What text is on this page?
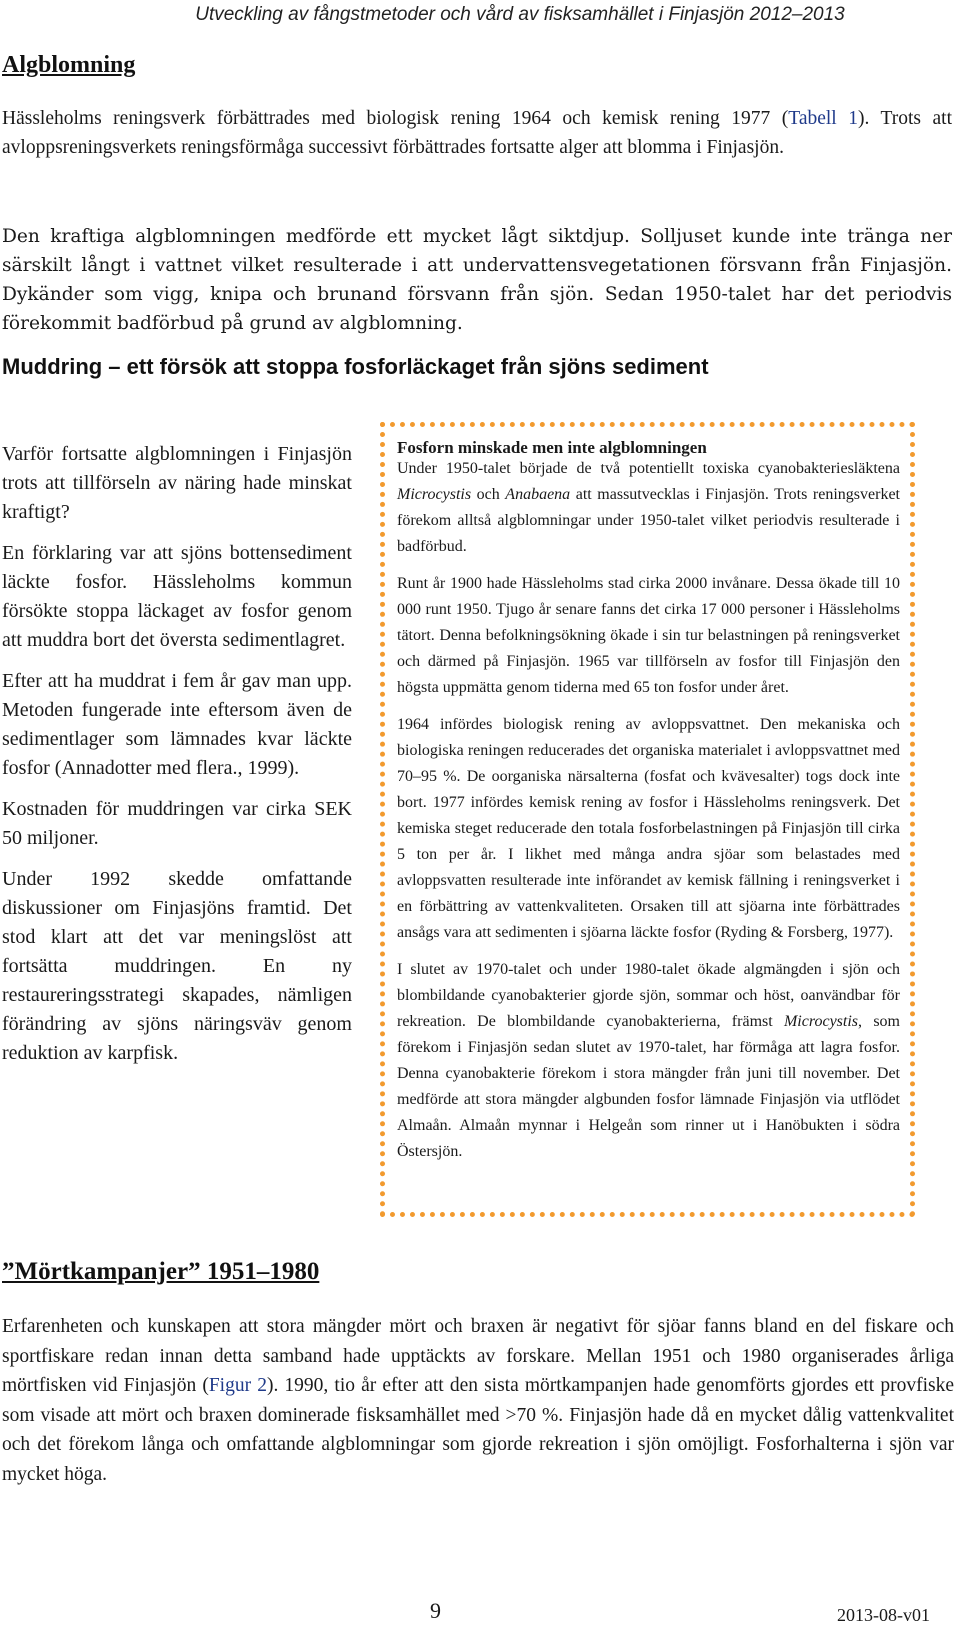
Utveckling av fångstmetoder och vård av fisksamhället i Finjasjön 2012–2013
Algblomning

Hässleholms reningsverk förbättrades med biologisk rening 1964 och kemisk rening 1977 (Tabell 1). Trots att avloppsreningsverkets reningsförmåga successivt förbättrades fortsatte alger att blomma i Finjasjön.

Den kraftiga algblomningen medförde ett mycket lågt siktdjup. Solljuset kunde inte tränga ner särskilt långt i vattnet vilket resulterade i att undervattensvegetationen försvann från Finjasjön. Dykänder som vigg, knipa och brunand försvann från sjön. Sedan 1950-talet har det periodvis förekommit badförbud på grund av algblomning.

Muddring – ett försök att stoppa fosforläckaget från sjöns sediment

Varför fortsatte algblomningen i Finjasjön trots att tillförseln av näring hade minskat kraftigt?

En förklaring var att sjöns bottensediment läckte fosfor. Hässleholms kommun försökte stoppa läckaget av fosfor genom att muddra bort det översta sedimentlagret.

Efter att ha muddrat i fem år gav man upp. Metoden fungerade inte eftersom även de sedimentlager som lämnades kvar läckte fosfor (Annadotter med flera., 1999).

Kostnaden för muddringen var cirka SEK 50 miljoner.

Under 1992 skedde omfattande diskussioner om Finjasjöns framtid. Det stod klart att det var meningslöst att fortsätta muddringen. En ny restaureringsstrategi skapades, nämligen förändring av sjöns näringsväv genom reduktion av karpfisk.

Fosforn minskade men inte algblomningen

Under 1950-talet började de två potentiellt toxiska cyanobakteriesläktena Microcystis och Anabaena att massutvecklas i Finjasjön. Trots reningsverket förekom alltså algblomningar under 1950-talet vilket periodvis resulterade i badförbud.

Runt år 1900 hade Hässleholms stad cirka 2000 invånare. Dessa ökade till 10 000 runt 1950. Tjugo år senare fanns det cirka 17 000 personer i Hässleholms tätort. Denna befolkningsökning ökade i sin tur belastningen på reningsverket och därmed på Finjasjön. 1965 var tillförseln av fosfor till Finjasjön den högsta uppmätta genom tiderna med 65 ton fosfor under året.

1964 infördes biologisk rening av avloppsvattnet. Den mekaniska och biologiska reningen reducerades det organiska materialet i avloppsvattnet med 70–95 %. De oorganiska närsalterna (fosfat och kvävesalter) togs dock inte bort. 1977 infördes kemisk rening av fosfor i Hässleholms reningsverk. Det kemiska steget reducerade den totala fosforbelastningen på Finjasjön till cirka 5 ton per år. I likhet med många andra sjöar som belastades med avloppsvatten resulterade inte införandet av kemisk fällning i reningsverket i en förbättring av vattenkvaliteten. Orsaken till att sjöarna inte förbättrades ansågs vara att sedimenten i sjöarna läckte fosfor (Ryding & Forsberg, 1977).

I slutet av 1970-talet och under 1980-talet ökade algmängden i sjön och blombildande cyanobakterier gjorde sjön, sommar och höst, oanvändbar för rekreation. De blombildande cyanobakterierna, främst Microcystis, som förekom i Finjasjön sedan slutet av 1970-talet, har förmåga att lagra fosfor. Denna cyanobakterie förekom i stora mängder från juni till november. Det medförde att stora mängder algbunden fosfor lämnade Finjasjön via utflödet Almaån. Almaån mynnar i Helgeån som rinner ut i Hanöbukten i södra Östersjön.

”Mörtkampanjer” 1951–1980

Erfarenheten och kunskapen att stora mängder mört och braxen är negativt för sjöar fanns bland en del fiskare och sportfiskare redan innan detta samband hade upptäckts av forskare. Mellan 1951 och 1980 organiserades årliga mörtfisken vid Finjasjön (Figur 2). 1990, tio år efter att den sista mörtkampanjen hade genomförts gjordes ett provfiske som visade att mört och braxen dominerade fisksamhället med >70 %. Finjasjön hade då en mycket dålig vattenkvalitet och det förekom långa och omfattande algblomningar som gjorde rekreation i sjön omöjligt. Fosforhalterna i sjön var mycket höga.

9	2013-08-v01
